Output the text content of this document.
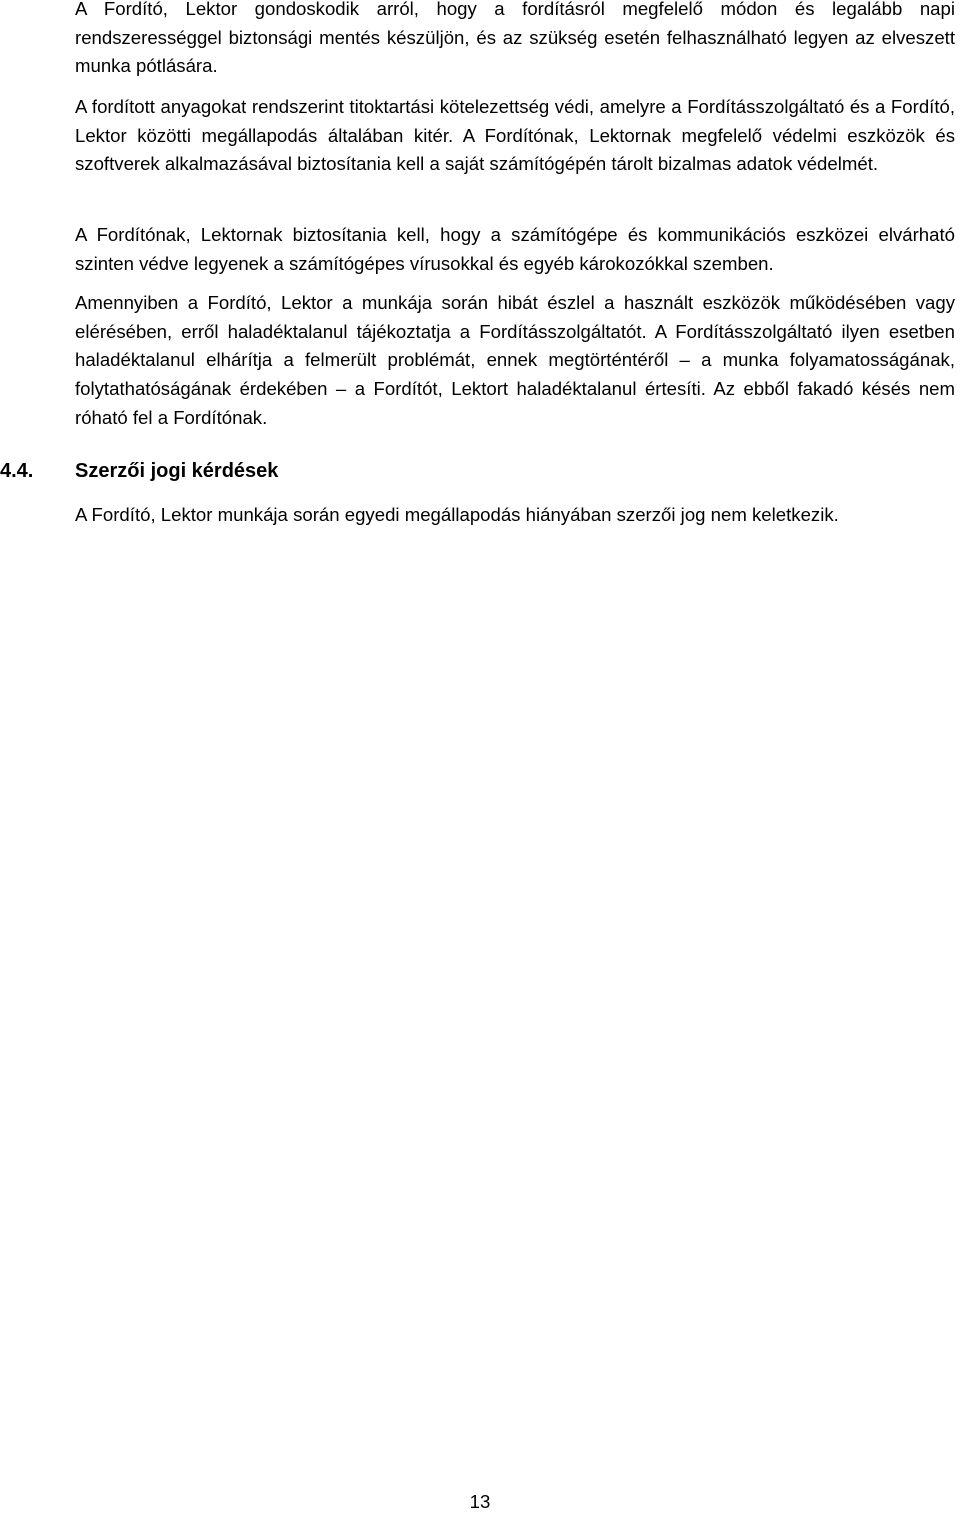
A Fordító, Lektor gondoskodik arról, hogy a fordításról megfelelő módon és legalább napi rendszerességgel biztonsági mentés készüljön, és az szükség esetén felhasználható legyen az elveszett munka pótlására.

A fordított anyagokat rendszerint titoktartási kötelezettség védi, amelyre a Fordításszolgáltató és a Fordító, Lektor közötti megállapodás általában kitér. A Fordítónak, Lektornak megfelelő védelmi eszközök és szoftverek alkalmazásával biztosítania kell a saját számítógépén tárolt bizalmas adatok védelmét.

A Fordítónak, Lektornak biztosítania kell, hogy a számítógépe és kommunikációs eszközei elvárható szinten védve legyenek a számítógépes vírusokkal és egyéb károkozókkal szemben.

Amennyiben a Fordító, Lektor a munkája során hibát észlel a használt eszközök működésében vagy elérésében, erről haladéktalanul tájékoztatja a Fordításszolgáltatót. A Fordításszolgáltató ilyen esetben haladéktalanul elhárítja a felmerült problémát, ennek megtörténtéről – a munka folyamatosságának, folytathatóságának érdekében – a Fordítót, Lektort haladéktalanul értesíti. Az ebből fakadó késés nem róható fel a Fordítónak.

4.4. Szerzői jogi kérdések

A Fordító, Lektor munkája során egyedi megállapodás hiányában szerzői jog nem keletkezik.

13
